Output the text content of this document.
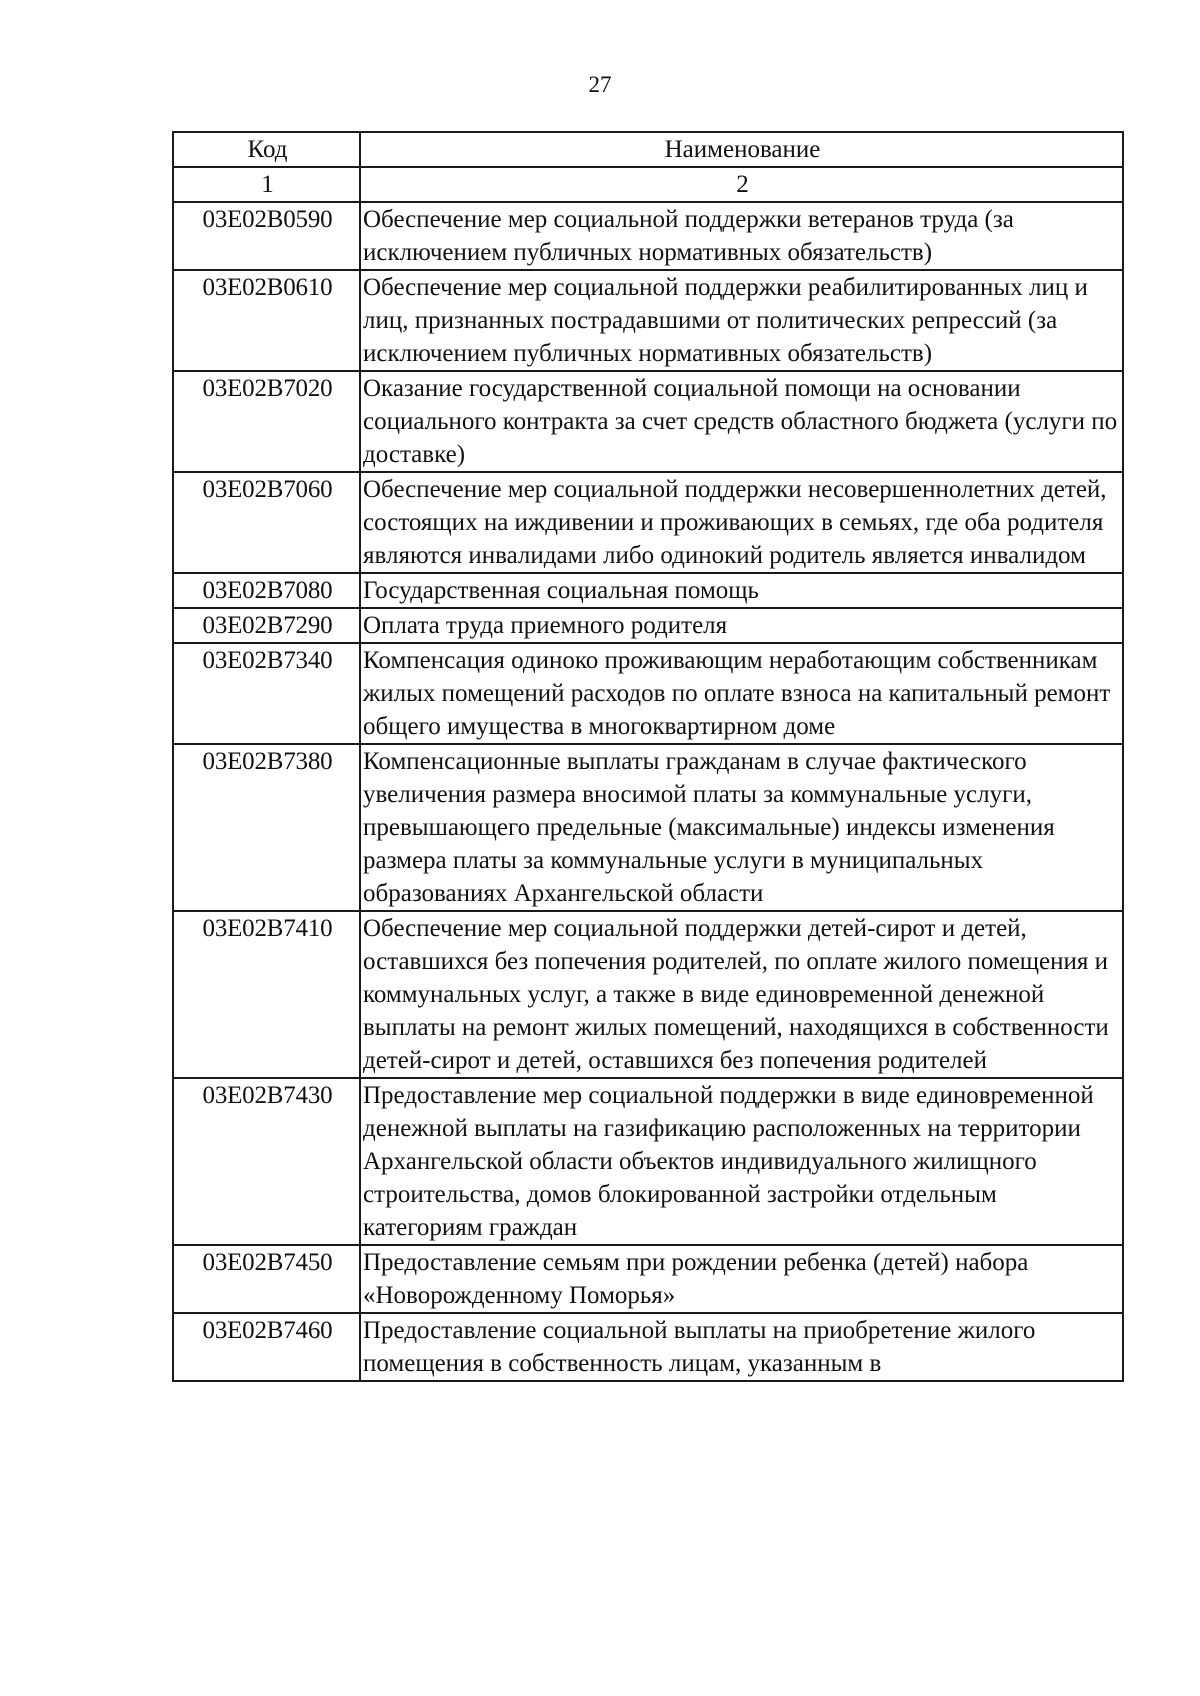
27
Код	Наименование
1	2
03E02B0590	Обеспечение мер социальной поддержки ветеранов труда (за исключением публичных нормативных обязательств)
03E02B0610	Обеспечение мер социальной поддержки реабилитированных лиц и лиц, признанных пострадавшими от политических репрессий (за исключением публичных нормативных обязательств)
03E02B7020	Оказание государственной социальной помощи на основании социального контракта за счет средств областного бюджета (услуги по доставке)
03E02B7060	Обеспечение мер социальной поддержки несовершеннолетних детей, состоящих на иждивении и проживающих в семьях, где оба родителя являются инвалидами либо одинокий родитель является инвалидом
03E02B7080	Государственная социальная помощь
03E02B7290	Оплата труда приемного родителя
03E02B7340	Компенсация одиноко проживающим неработающим собственникам жилых помещений расходов по оплате взноса на капитальный ремонт общего имущества в многоквартирном доме
03E02B7380	Компенсационные выплаты гражданам в случае фактического увеличения размера вносимой платы за коммунальные услуги, превышающего предельные (максимальные) индексы изменения размера платы за коммунальные услуги в муниципальных образованиях Архангельской области
03E02B7410	Обеспечение мер социальной поддержки детей-сирот и детей, оставшихся без попечения родителей, по оплате жилого помещения и коммунальных услуг, а также в виде единовременной денежной выплаты на ремонт жилых помещений, находящихся в собственности детей-сирот и детей, оставшихся без попечения родителей
03E02B7430	Предоставление мер социальной поддержки в виде единовременной денежной выплаты на газификацию расположенных на территории Архангельской области объектов индивидуального жилищного строительства, домов блокированной застройки отдельным категориям граждан
03E02B7450	Предоставление семьям при рождении ребенка (детей) набора «Новорожденному Поморья»
03E02B7460	Предоставление социальной выплаты на приобретение жилого помещения в собственность лицам, указанным в
